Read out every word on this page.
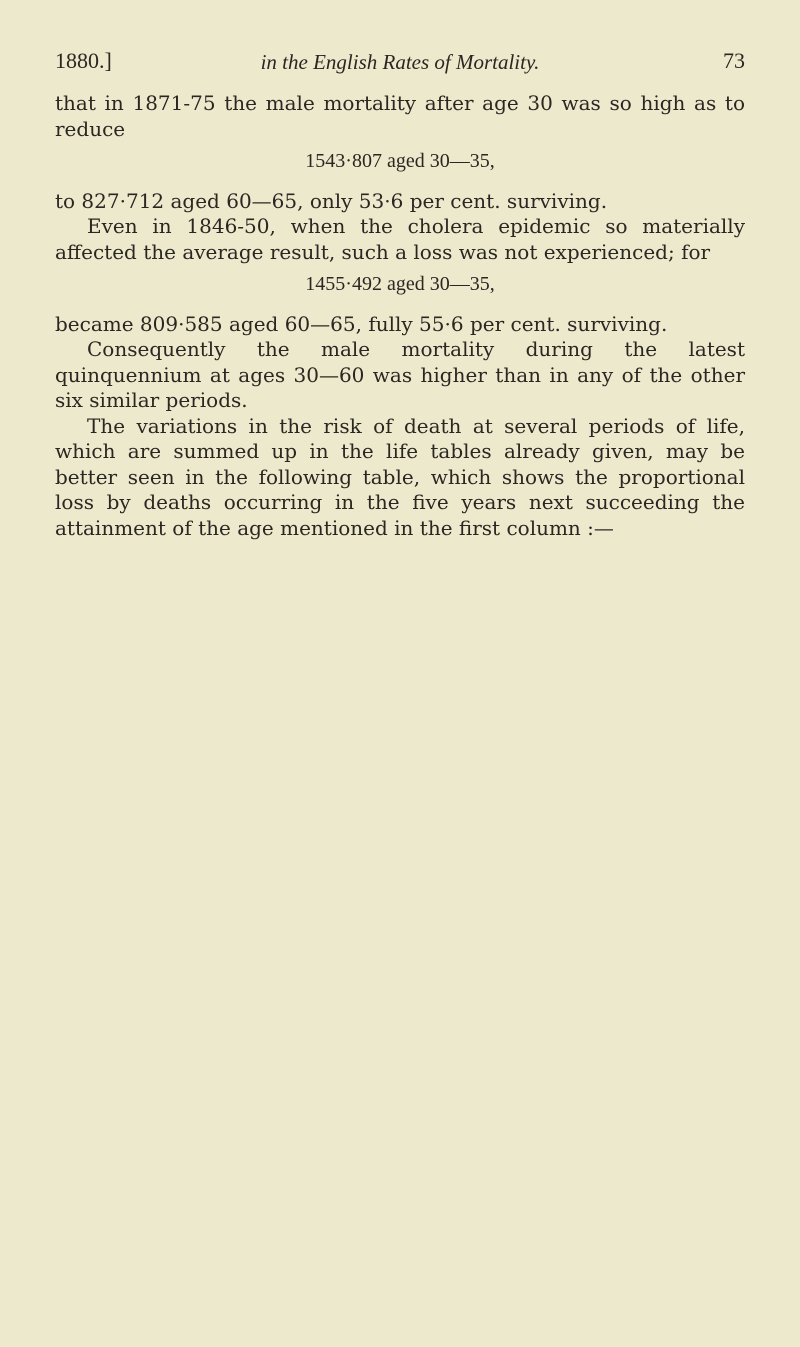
1880.]	in the English Rates of Mortality.	73

that in 1871-75 the male mortality after age 30 was so high as to reduce

1543·807 aged 30—35,

to 827·712 aged 60—65, only 53·6 per cent. surviving.

Even in 1846-50, when the cholera epidemic so materially affected the average result, such a loss was not experienced; for

1455·492 aged 30—35,

became 809·585 aged 60—65, fully 55·6 per cent. surviving.

Consequently the male mortality during the latest quinquennium at ages 30—60 was higher than in any of the other six similar periods.

The variations in the risk of death at several periods of life, which are summed up in the life tables already given, may be better seen in the following table, which shows the proportional loss by deaths occurring in the five years next succeeding the attainment of the age mentioned in the first column :—
